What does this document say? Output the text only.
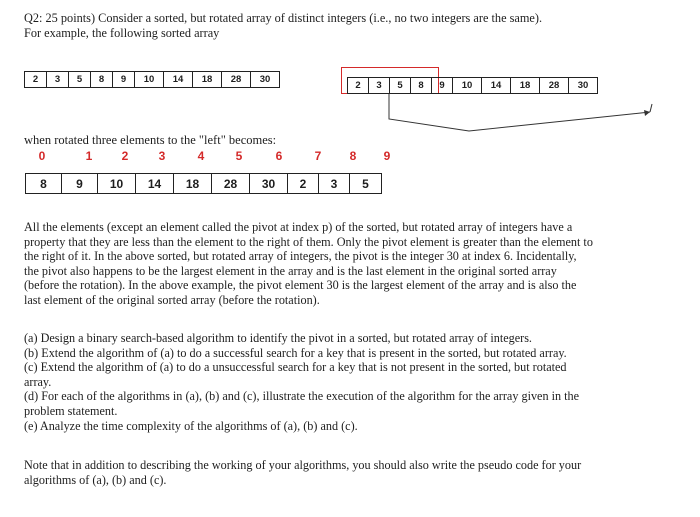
Q2: 25 points) Consider a sorted, but rotated array of distinct integers (i.e., no two integers are the same).
For example, the following sorted array
2	3	5	8	9	10	14	18	28	30
2	3	5	8	9	10	14	18	28	30
when rotated three elements to the "left" becomes:
0	1	2	3	4	5	6	7	8	9
8	9	10	14	18	28	30	2	3	5

All the elements (except an element called the pivot at index p) of the sorted, but rotated array of integers have a

property that they are less than the element to the right of them. Only the pivot element is greater than the element to

the right of it. In the above sorted, but rotated array of integers, the pivot is the integer 30 at index 6. Incidentally,

the pivot also happens to be the largest element in the array and is the last element in the original sorted array

(before the rotation). In the above example, the pivot element 30 is the largest element of the array and is also the

last element of the original sorted array (before the rotation).

(a) Design a binary search-based algorithm to identify the pivot in a sorted, but rotated array of integers.

(b) Extend the algorithm of (a) to do a successful search for a key that is present in the sorted, but rotated array.

(c) Extend the algorithm of (a) to do a unsuccessful search for a key that is not present in the sorted, but rotated

array.

(d) For each of the algorithms in (a), (b) and (c), illustrate the execution of the algorithm for the array given in the

problem statement.

(e) Analyze the time complexity of the algorithms of (a), (b) and (c).

Note that in addition to describing the working of your algorithms, you should also write the pseudo code for your

algorithms of (a), (b) and (c).
